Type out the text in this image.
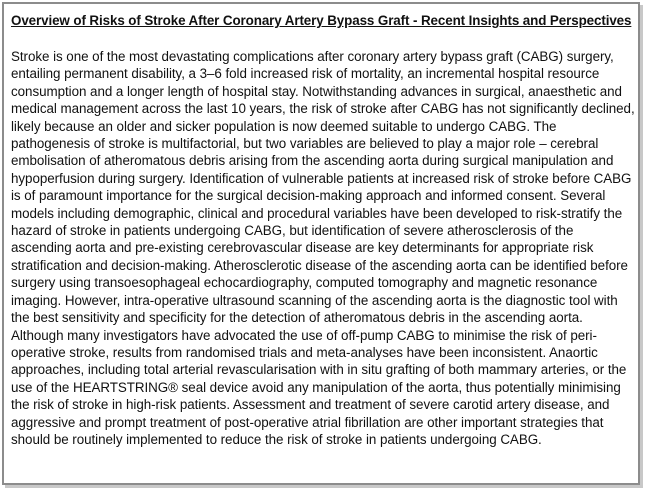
Overview of Risks of Stroke After Coronary Artery Bypass Graft - Recent Insights and Perspectives

Stroke is one of the most devastating complications after coronary artery bypass graft (CABG) surgery, entailing permanent disability, a 3–6 fold increased risk of mortality, an incremental hospital resource consumption and a longer length of hospital stay. Notwithstanding advances in surgical, anaesthetic and medical management across the last 10 years, the risk of stroke after CABG has not significantly declined, likely because an older and sicker population is now deemed suitable to undergo CABG. The pathogenesis of stroke is multifactorial, but two variables are believed to play a major role – cerebral embolisation of atheromatous debris arising from the ascending aorta during surgical manipulation and hypoperfusion during surgery. Identification of vulnerable patients at increased risk of stroke before CABG is of paramount importance for the surgical decision-making approach and informed consent. Several models including demographic, clinical and procedural variables have been developed to risk-stratify the hazard of stroke in patients undergoing CABG, but identification of severe atherosclerosis of the ascending aorta and pre-existing cerebrovascular disease are key determinants for appropriate risk stratification and decision-making. Atherosclerotic disease of the ascending aorta can be identified before surgery using transoesophageal echocardiography, computed tomography and magnetic resonance imaging. However, intra-operative ultrasound scanning of the ascending aorta is the diagnostic tool with the best sensitivity and specificity for the detection of atheromatous debris in the ascending aorta. Although many investigators have advocated the use of off-pump CABG to minimise the risk of peri-operative stroke, results from randomised trials and meta-analyses have been inconsistent. Anaortic approaches, including total arterial revascularisation with in situ grafting of both mammary arteries, or the use of the HEARTSTRING® seal device avoid any manipulation of the aorta, thus potentially minimising the risk of stroke in high-risk patients. Assessment and treatment of severe carotid artery disease, and aggressive and prompt treatment of post-operative atrial fibrillation are other important strategies that should be routinely implemented to reduce the risk of stroke in patients undergoing CABG.
